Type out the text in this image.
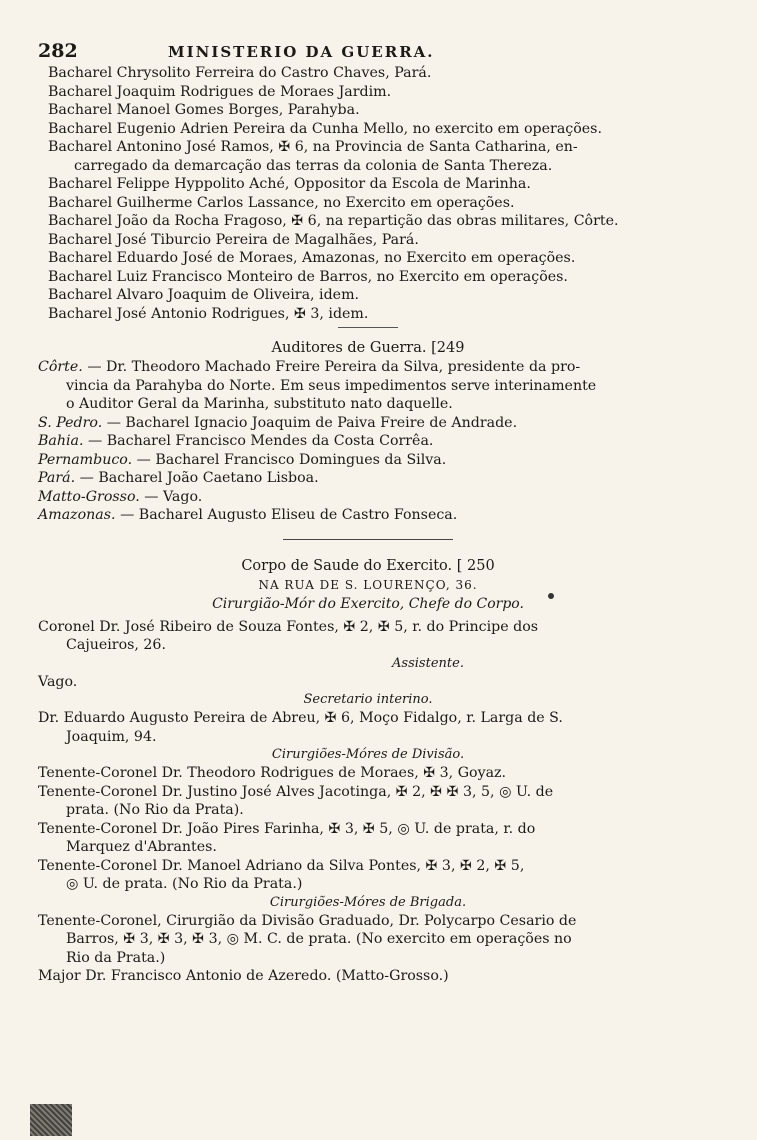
282	MINISTERIO DA GUERRA.
Bacharel Chrysolito Ferreira do Castro Chaves, Pará.
Bacharel Joaquim Rodrigues de Moraes Jardim.
Bacharel Manoel Gomes Borges, Parahyba.
Bacharel Eugenio Adrien Pereira da Cunha Mello, no exercito em operações.
Bacharel Antonino José Ramos, ✠ 6, na Provincia de Santa Catharina, en-
carregado da demarcação das terras da colonia de Santa Thereza.
Bacharel Felippe Hyppolito Aché, Oppositor da Escola de Marinha.
Bacharel Guilherme Carlos Lassance, no Exercito em operações.
Bacharel João da Rocha Fragoso, ✠ 6, na repartição das obras militares, Côrte.
Bacharel José Tiburcio Pereira de Magalhães, Pará.
Bacharel Eduardo José de Moraes, Amazonas, no Exercito em operações.
Bacharel Luiz Francisco Monteiro de Barros, no Exercito em operações.
Bacharel Alvaro Joaquim de Oliveira, idem.
Bacharel José Antonio Rodrigues, ✠ 3, idem.
Auditores de Guerra. [249
Côrte. — Dr. Theodoro Machado Freire Pereira da Silva, presidente da pro-
vincia da Parahyba do Norte. Em seus impedimentos serve interinamente
o Auditor Geral da Marinha, substituto nato daquelle.
S. Pedro. — Bacharel Ignacio Joaquim de Paiva Freire de Andrade.
Bahia. — Bacharel Francisco Mendes da Costa Corrêa.
Pernambuco. — Bacharel Francisco Domingues da Silva.
Pará. — Bacharel João Caetano Lisboa.
Matto-Grosso. — Vago.
Amazonas. — Bacharel Augusto Eliseu de Castro Fonseca.
Corpo de Saude do Exercito. [ 250
NA RUA DE S. LOURENÇO, 36.
Cirurgião-Mór do Exercito, Chefe do Corpo.
Coronel Dr. José Ribeiro de Souza Fontes, ✠ 2, ✠ 5, r. do Principe dos
Cajueiros, 26.
Assistente.
Vago.
Secretario interino.
Dr. Eduardo Augusto Pereira de Abreu, ✠ 6, Moço Fidalgo, r. Larga de S.
Joaquim, 94.
Cirurgiões-Móres de Divisão.
Tenente-Coronel Dr. Theodoro Rodrigues de Moraes, ✠ 3, Goyaz.
Tenente-Coronel Dr. Justino José Alves Jacotinga, ✠ 2, ✠ ✠ 3, 5, ◎ U. de
prata. (No Rio da Prata).
Tenente-Coronel Dr. João Pires Farinha, ✠ 3, ✠ 5, ◎ U. de prata, r. do
Marquez d'Abrantes.
Tenente-Coronel Dr. Manoel Adriano da Silva Pontes, ✠ 3, ✠ 2, ✠ 5,
◎ U. de prata. (No Rio da Prata.)
Cirurgiões-Móres de Brigada.
Tenente-Coronel, Cirurgião da Divisão Graduado, Dr. Polycarpo Cesario de
Barros, ✠ 3, ✠ 3, ✠ 3, ◎ M. C. de prata. (No exercito em operações no
Rio da Prata.)
Major Dr. Francisco Antonio de Azeredo. (Matto-Grosso.)
